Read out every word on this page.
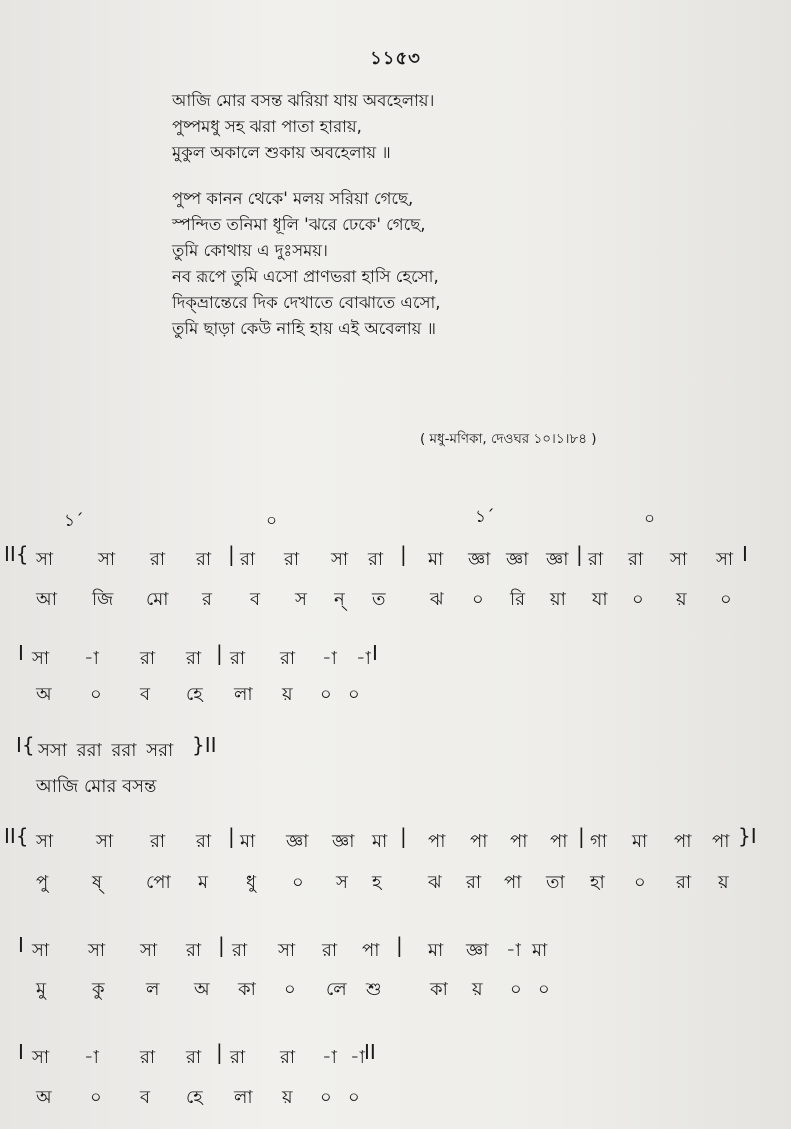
১১৫৩
আজি মোর বসন্ত ঝরিয়া যায় অবহেলায়।
পুষ্পমধু সহ ঝরা পাতা হারায়,
মুকুল অকালে শুকায় অবহেলায় ॥
পুষ্প কানন থেকে' মলয় সরিয়া গেছে,
স্পন্দিত তনিমা ধূলি 'ঝরে ঢেকে' গেছে,
তুমি কোথায় এ দুঃসময়।
নব রূপে তুমি এসো প্রাণভরা হাসি হেসো,
দিক্‌ভ্রান্তেরে দিক দেখাতে বোঝাতে এসো,
তুমি ছাড়া কেউ নাহি হায় এই অবেলায় ॥
( মধু-মণিকা, দেওঘর ১০।১।৮৪ )
১´	০	১´	০
II{ সা সা রা রা | রা রা সা রা | মা জ্ঞা জ্ঞা জ্ঞা | রা রা সা সা I
আ জি মো র ব স ন্ ত ঝ ০ রি য়া যা ০ য় ০
I সা -া রা রা | রা রা -া -া I
অ ০ ব হে লা য় ০ ০
I{ সসা ররা ররা সরা }II
আজি মোর বসন্ত
II{ সা সা রা রা | মা জ্ঞা জ্ঞা মা | পা পা পা পা | গা মা পা পা }I
পু ষ্ পো ম ধু ০ স হ	ঝ রা পা তা হা ০ রা য়
I সা সা সা রা | রা সা রা পা | মা জ্ঞা -া মা
মু	কু ল অ কা ০ লে শু	কা য় ০ ০
I সা -া রা রা | রা রা -া -া II
অ ০ ব হে লা য় ০ ০
